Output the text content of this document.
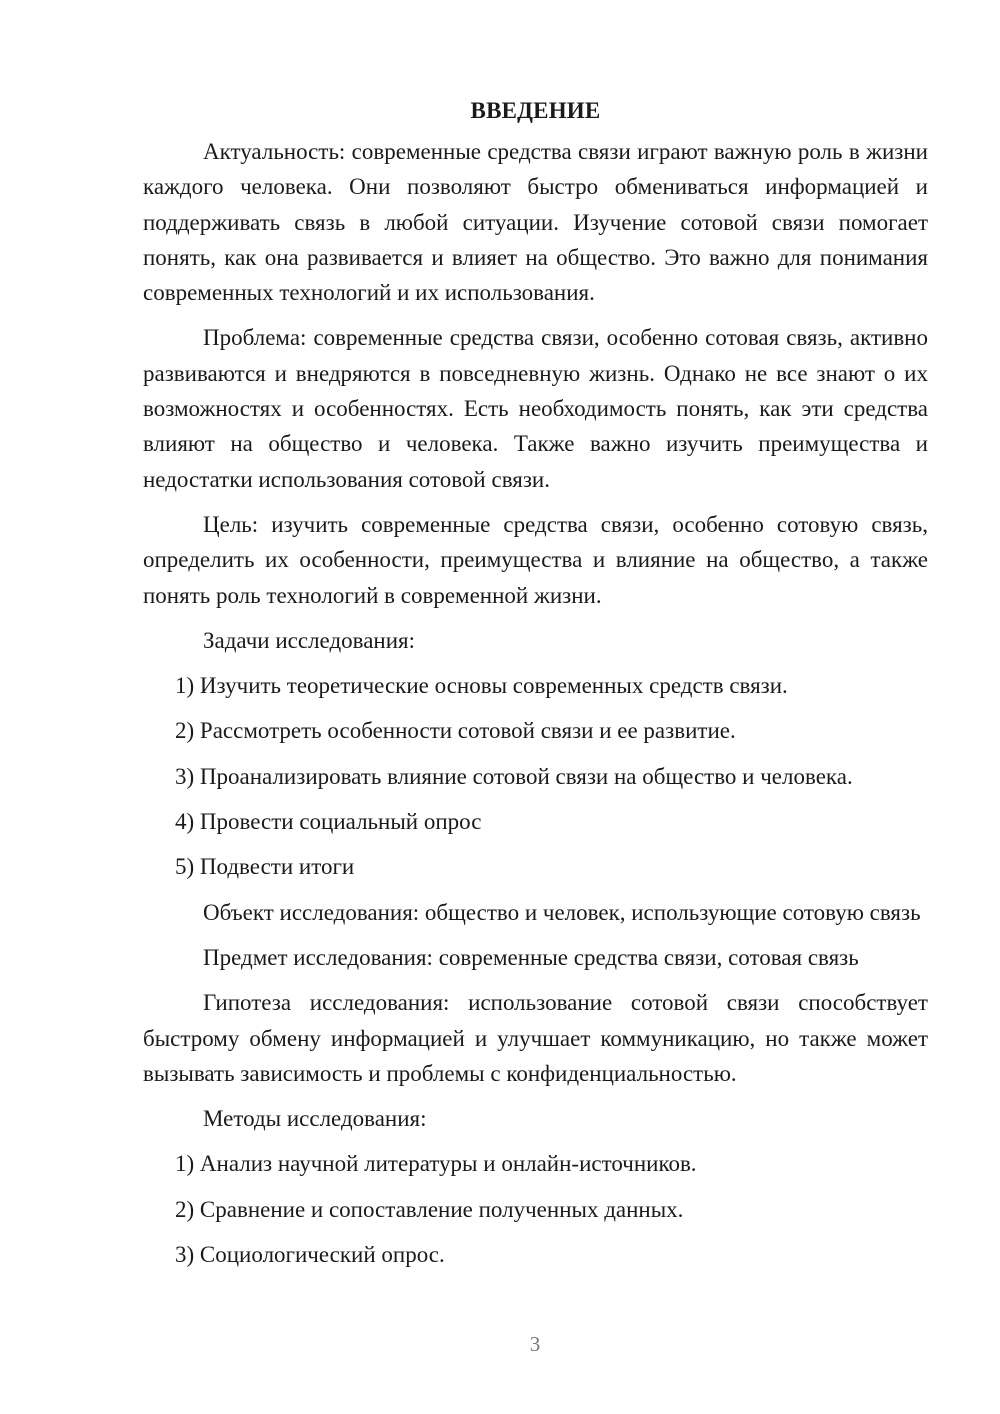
ВВЕДЕНИЕ

Актуальность: современные средства связи играют важную роль в жизни каждого человека. Они позволяют быстро обмениваться информацией и поддерживать связь в любой ситуации. Изучение сотовой связи помогает понять, как она развивается и влияет на общество. Это важно для понимания современных технологий и их использования.

Проблема: современные средства связи, особенно сотовая связь, активно развиваются и внедряются в повседневную жизнь. Однако не все знают о их возможностях и особенностях. Есть необходимость понять, как эти средства влияют на общество и человека. Также важно изучить преимущества и недостатки использования сотовой связи.

Цель: изучить современные средства связи, особенно сотовую связь, определить их особенности, преимущества и влияние на общество, а также понять роль технологий в современной жизни.

Задачи исследования:

1) Изучить теоретические основы современных средств связи.
2) Рассмотреть особенности сотовой связи и ее развитие.
3) Проанализировать влияние сотовой связи на общество и человека.
4) Провести социальный опрос
5) Подвести итоги

Объект исследования: общество и человек, использующие сотовую связь

Предмет исследования: современные средства связи, сотовая связь

Гипотеза исследования: использование сотовой связи способствует быстрому обмену информацией и улучшает коммуникацию, но также может вызывать зависимость и проблемы с конфиденциальностью.

Методы исследования:

1) Анализ научной литературы и онлайн-источников.
2) Сравнение и сопоставление полученных данных.
3) Социологический опрос.
3
